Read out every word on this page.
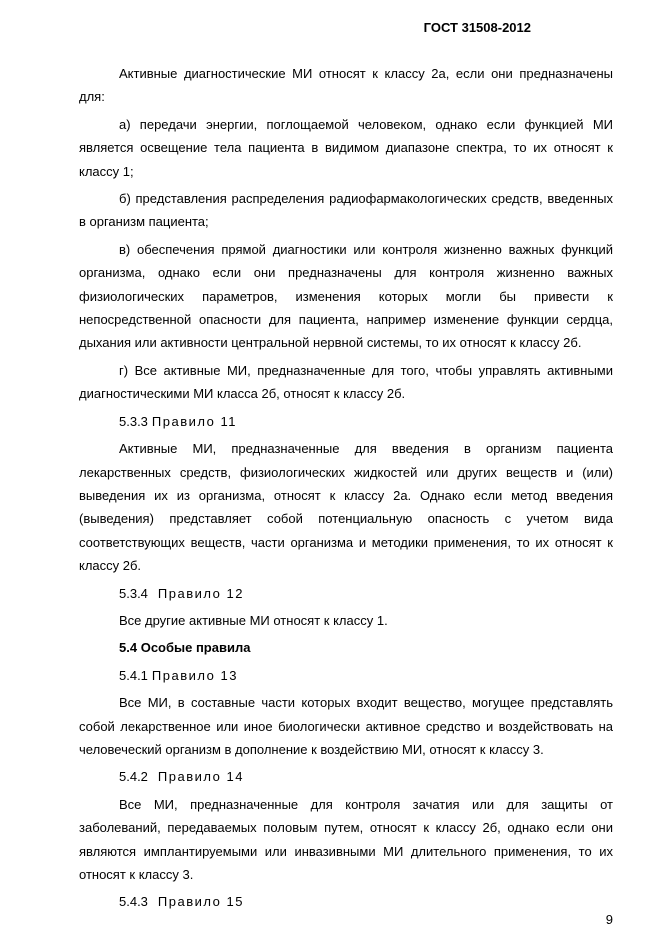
ГОСТ 31508-2012

Активные диагностические МИ относят к классу 2а, если они предназначены для:

а) передачи энергии, поглощаемой человеком, однако если функцией МИ является освещение тела пациента в видимом диапазоне спектра, то их относят к классу 1;

б) представления распределения радиофармакологических средств, введенных в организм пациента;

в) обеспечения прямой диагностики или контроля жизненно важных функций организма, однако если они предназначены для контроля жизненно важных физиологических параметров, изменения которых могли бы привести к непосредственной опасности для пациента, например изменение функции сердца, дыхания или активности центральной нервной системы, то их относят к классу 2б.

г) Все активные МИ, предназначенные для того, чтобы управлять активными диагностическими МИ класса 2б, относят к классу 2б.

5.3.3 Правило 11

Активные МИ, предназначенные для введения в организм пациента лекарственных средств, физиологических жидкостей или других веществ и (или) выведения их из организма, относят к классу 2а. Однако если метод введения (выведения) представляет собой потенциальную опасность с учетом вида соответствующих веществ, части организма и методики применения, то их относят к классу 2б.

5.3.4 Правило 12

Все другие активные МИ относят к классу 1.

5.4 Особые правила

5.4.1 Правило 13

Все МИ, в составные части которых входит вещество, могущее представлять собой лекарственное или иное биологически активное средство и воздействовать на человеческий организм в дополнение к воздействию МИ, относят к классу 3.

5.4.2 Правило 14

Все МИ, предназначенные для контроля зачатия или для защиты от заболеваний, передаваемых половым путем, относят к классу 2б, однако если они являются имплантируемыми или инвазивными МИ длительного применения, то их относят к классу 3.

5.4.3 Правило 15

9
